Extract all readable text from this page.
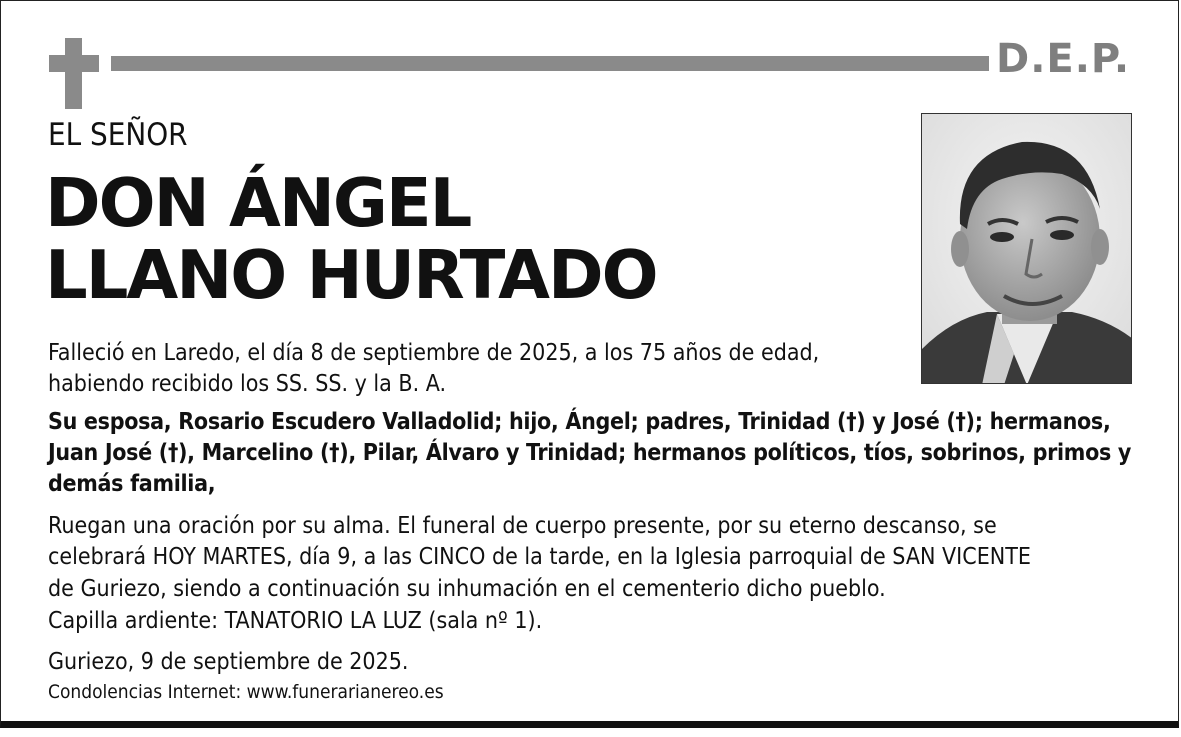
D.E.P.
EL SEÑOR
DON ÁNGEL
LLANO HURTADO

Falleció en Laredo, el día 8 de septiembre de 2025, a los 75 años de edad,

habiendo recibido los SS. SS. y la B. A.

Su esposa, Rosario Escudero Valladolid; hijo, Ángel; padres, Trinidad (†) y José (†); hermanos,

Juan José (†), Marcelino (†), Pilar, Álvaro y Trinidad; hermanos políticos, tíos, sobrinos, primos y

demás familia,

Ruegan una oración por su alma. El funeral de cuerpo presente, por su eterno descanso, se

celebrará HOY MARTES, día 9, a las CINCO de la tarde, en la Iglesia parroquial de SAN VICENTE

de Guriezo, siendo a continuación su inhumación en el cementerio dicho pueblo.

Capilla ardiente: TANATORIO LA LUZ (sala nº 1).

Guriezo, 9 de septiembre de 2025.

Condolencias Internet: www.funerarianereo.es
